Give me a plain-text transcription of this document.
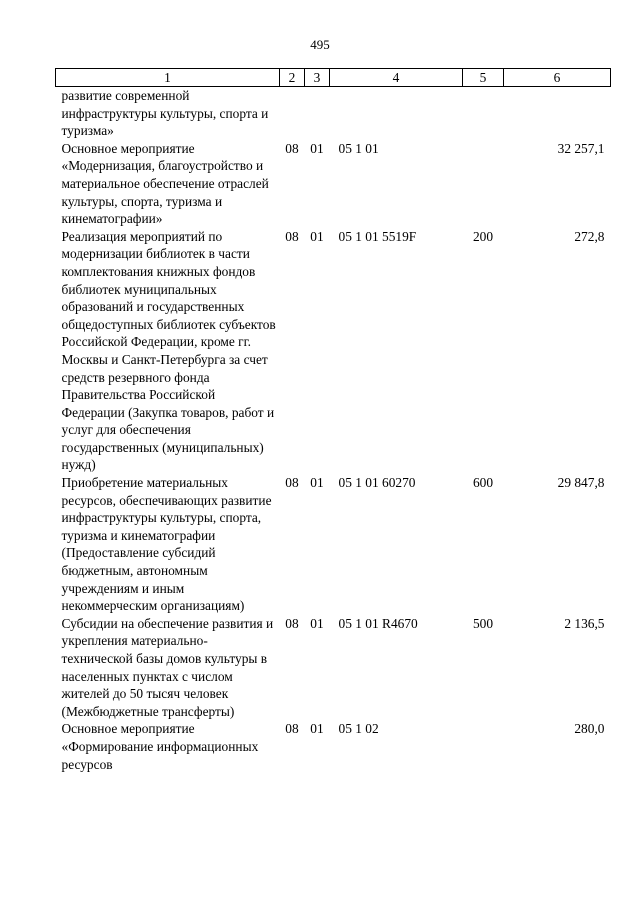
495
1	2	3	4	5	6
развитие современной инфраструктуры культуры, спорта и туризма»					
Основное мероприятие «Модернизация, благоустройство и материальное обеспечение отраслей культуры, спорта, туризма и кинематографии»	08	01	05 1 01		32 257,1
Реализация мероприятий по модернизации библиотек в части комплектования книжных фондов библиотек муниципальных образований и государственных общедоступных библиотек субъектов Российской Федерации, кроме гг. Москвы и Санкт-Петербурга за счет средств резервного фонда Правительства Российской Федерации (Закупка товаров, работ и услуг для обеспечения государственных (муниципальных) нужд)	08	01	05 1 01 5519F	200	272,8
Приобретение материальных ресурсов, обеспечивающих развитие инфраструктуры культуры, спорта, туризма и кинематографии (Предоставление субсидий бюджетным, автономным учреждениям и иным некоммерческим организациям)	08	01	05 1 01 60270	600	29 847,8
Субсидии на обеспечение развития и укрепления материально-технической базы домов культуры в населенных пунктах с числом жителей до 50 тысяч человек (Межбюджетные трансферты)	08	01	05 1 01 R4670	500	2 136,5
Основное мероприятие «Формирование информационных ресурсов	08	01	05 1 02		280,0
